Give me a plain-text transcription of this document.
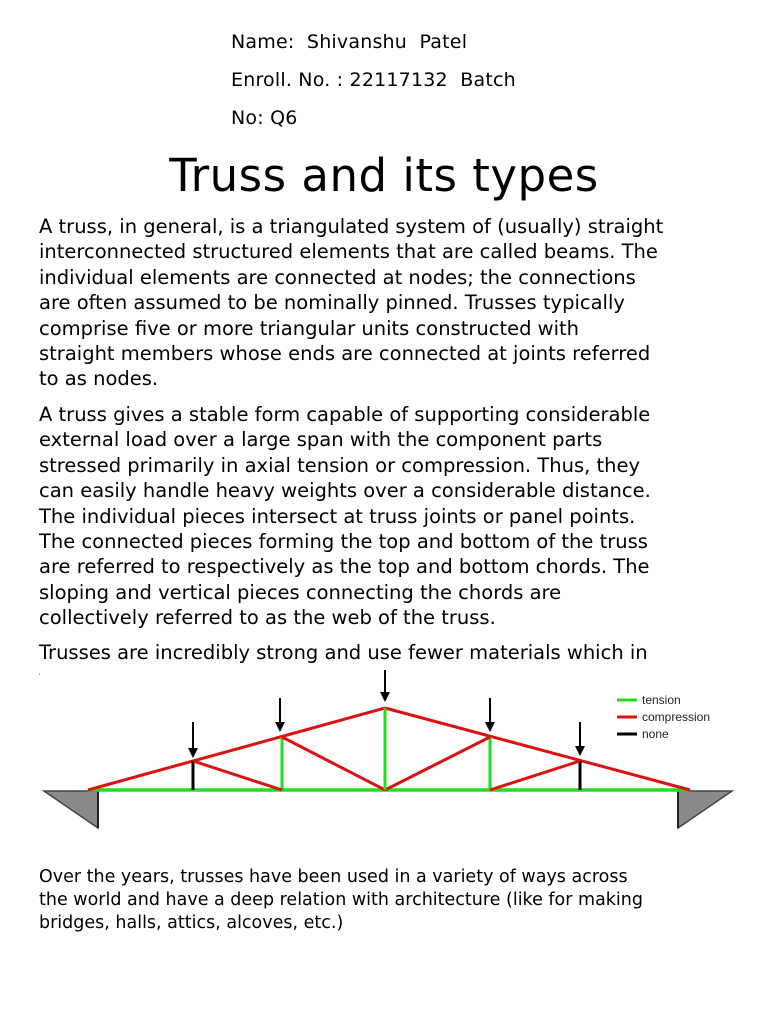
Name:  Shivanshu  Patel
Enroll. No. : 22117132  Batch
No: Q6
Truss and its types

A truss, in general, is a triangulated system of (usually) straight
interconnected structured elements that are called beams. The
individual elements are connected at nodes; the connections
are often assumed to be nominally pinned. Trusses typically
comprise five or more triangular units constructed with
straight members whose ends are connected at joints referred
to as nodes.

A truss gives a stable form capable of supporting considerable
external load over a large span with the component parts
stressed primarily in axial tension or compression. Thus, they
can easily handle heavy weights over a considerable distance.
The individual pieces intersect at truss joints or panel points.
The connected pieces forming the top and bottom of the truss
are referred to respectively as the top and bottom chords. The
sloping and vertical pieces connecting the chords are
collectively referred to as the web of the truss.

Trusses are incredibly strong and use fewer materials which in

tension
compression
none

Over the years, trusses have been used in a variety of ways across
the world and have a deep relation with architecture (like for making
bridges, halls, attics, alcoves, etc.)
